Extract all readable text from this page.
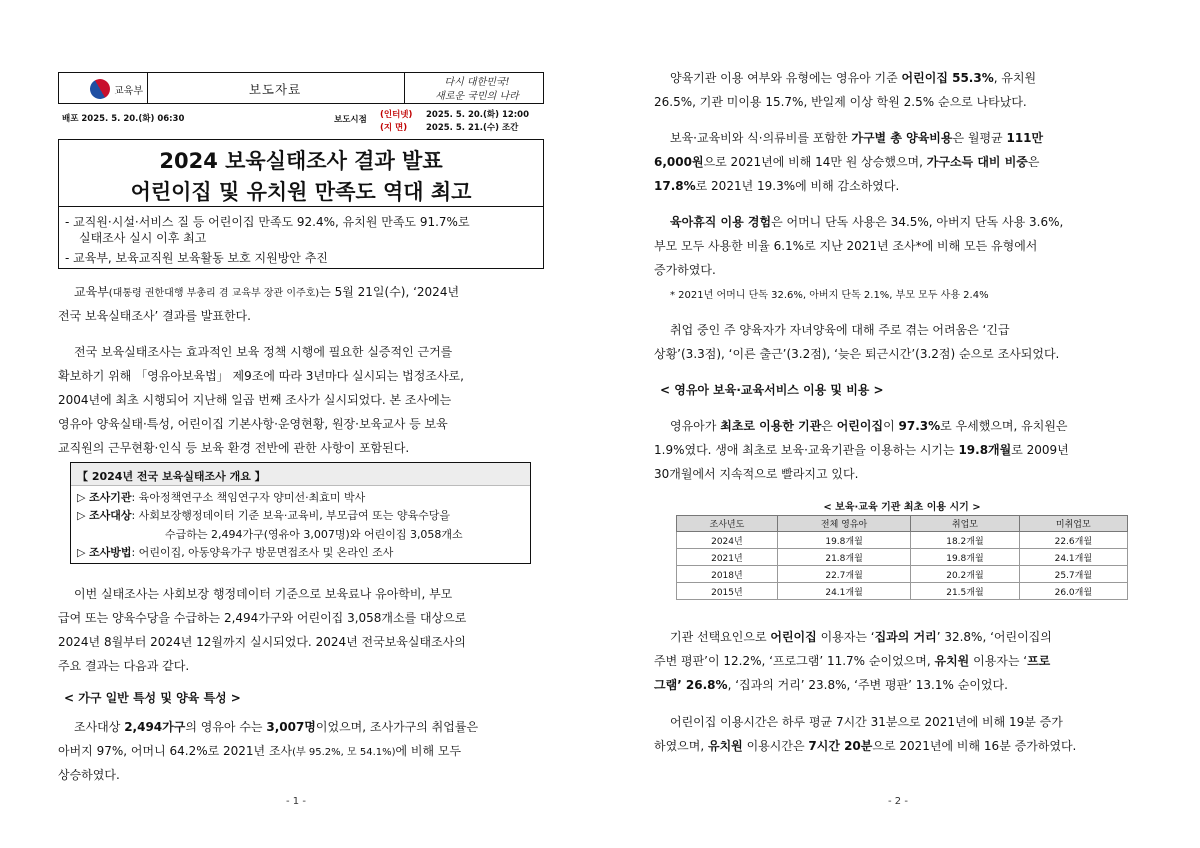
교육부	보도자료	다시 대한민국!
새로운 국민의 나라
배포 2025. 5. 20.(화) 06:30	보도시점 (인터넷) 2025. 5. 20.(화) 12:00
(지 면) 2025. 5. 21.(수) 조간
2024 보육실태조사 결과 발표
어린이집 및 유치원 만족도 역대 최고
- 교직원·시설·서비스 질 등 어린이집 만족도 92.4%, 유치원 만족도 91.7%로
실태조사 실시 이후 최고
- 교육부, 보육교직원 보육활동 보호 지원방안 추진
교육부(대통령 권한대행 부총리 겸 교육부 장관 이주호)는 5월 21일(수), ‘2024년
전국 보육실태조사’ 결과를 발표한다.
전국 보육실태조사는 효과적인 보육 정책 시행에 필요한 실증적인 근거를
확보하기 위해 「영유아보육법」 제9조에 따라 3년마다 실시되는 법정조사로,
2004년에 최초 시행되어 지난해 일곱 번째 조사가 실시되었다. 본 조사에는
영유아 양육실태·특성, 어린이집 기본사항·운영현황, 원장·보육교사 등 보육
교직원의 근무현황·인식 등 보육 환경 전반에 관한 사항이 포함된다.
【 2024년 전국 보육실태조사 개요 】
▷ 조사기관: 육아정책연구소 책임연구자 양미선·최효미 박사
▷ 조사대상: 사회보장행정데이터 기준 보육·교육비, 부모급여 또는 양육수당을
수급하는 2,494가구(영유아 3,007명)와 어린이집 3,058개소
▷ 조사방법: 어린이집, 아동양육가구 방문면접조사 및 온라인 조사
이번 실태조사는 사회보장 행정데이터 기준으로 보육료나 유아학비, 부모
급여 또는 양육수당을 수급하는 2,494가구와 어린이집 3,058개소를 대상으로
2024년 8월부터 2024년 12월까지 실시되었다. 2024년 전국보육실태조사의
주요 결과는 다음과 같다.
< 가구 일반 특성 및 양육 특성 >
조사대상 2,494가구의 영유아 수는 3,007명이었으며, 조사가구의 취업률은
아버지 97%, 어머니 64.2%로 2021년 조사(부 95.2%, 모 54.1%)에 비해 모두
상승하였다.
- 1 -
양육기관 이용 여부와 유형에는 영유아 기준 어린이집 55.3%, 유치원
26.5%, 기관 미이용 15.7%, 반일제 이상 학원 2.5% 순으로 나타났다.
보육·교육비와 식·의류비를 포함한 가구별 총 양육비용은 월평균 111만
6,000원으로 2021년에 비해 14만 원 상승했으며, 가구소득 대비 비중은
17.8%로 2021년 19.3%에 비해 감소하였다.
육아휴직 이용 경험은 어머니 단독 사용은 34.5%, 아버지 단독 사용 3.6%,
부모 모두 사용한 비율 6.1%로 지난 2021년 조사*에 비해 모든 유형에서
증가하였다.
* 2021년 어머니 단독 32.6%, 아버지 단독 2.1%, 부모 모두 사용 2.4%
취업 중인 주 양육자가 자녀양육에 대해 주로 겪는 어려움은 ‘긴급
상황’(3.3점), ‘이른 출근’(3.2점), ‘늦은 퇴근시간’(3.2점) 순으로 조사되었다.
< 영유아 보육·교육서비스 이용 및 비용 >
영유아가 최초로 이용한 기관은 어린이집이 97.3%로 우세했으며, 유치원은
1.9%였다. 생애 최초로 보육·교육기관을 이용하는 시기는 19.8개월로 2009년
30개월에서 지속적으로 빨라지고 있다.
< 보육·교육 기관 최초 이용 시기 >
조사년도	전체 영유아	취업모	미취업모
2024년	19.8개월	18.2개월	22.6개월
2021년	21.8개월	19.8개월	24.1개월
2018년	22.7개월	20.2개월	25.7개월
2015년	24.1개월	21.5개월	26.0개월
기관 선택요인으로 어린이집 이용자는 ‘집과의 거리’ 32.8%, ‘어린이집의
주변 평판’이 12.2%, ‘프로그램’ 11.7% 순이었으며, 유치원 이용자는 ‘프로
그램’ 26.8%, ‘집과의 거리’ 23.8%, ‘주변 평판’ 13.1% 순이었다.
어린이집 이용시간은 하루 평균 7시간 31분으로 2021년에 비해 19분 증가
하였으며, 유치원 이용시간은 7시간 20분으로 2021년에 비해 16분 증가하였다.
- 2 -
